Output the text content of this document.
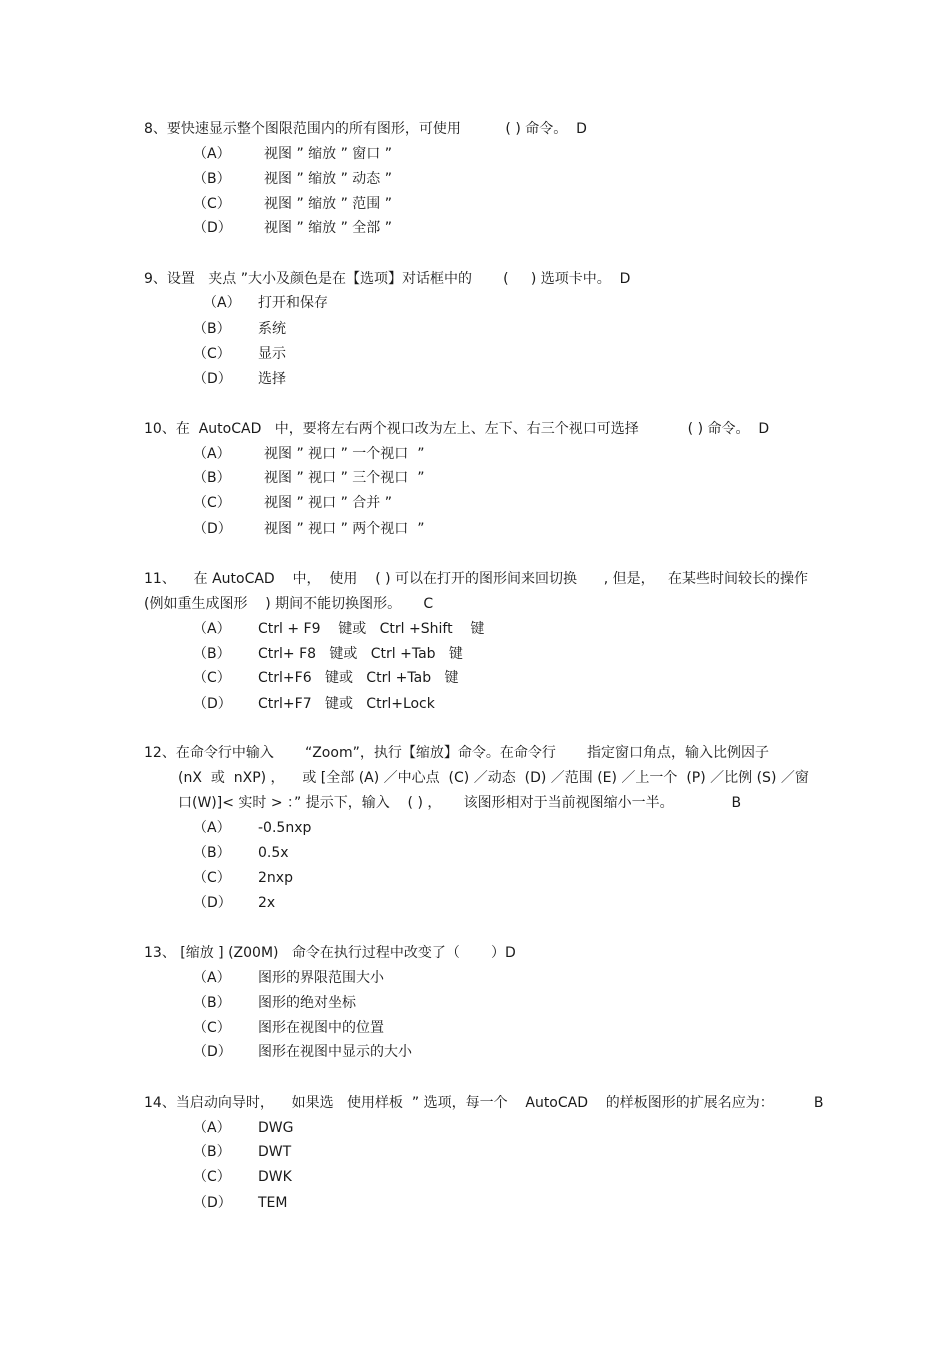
8、要快速显示整个图限范围内的所有图形，可使用          ( ) 命令。  D
（A） 视图 ” 缩放 ” 窗口 ”
（B） 视图 ” 缩放 ” 动态 ”
（C） 视图 ” 缩放 ” 范围 ”
（D） 视图 ” 缩放 ” 全部 ”
9、设置   夹点 ”大小及颜色是在【选项】对话框中的       (     ) 选项卡中。  D
（A） 打开和保存
（B） 系统
（C） 显示
（D） 选择
10、在  AutoCAD   中，要将左右两个视口改为左上、左下、右三个视口可选择           ( ) 命令。  D
（A） 视图 ” 视口 ” 一个视口  ”
（B） 视图 ” 视口 ” 三个视口  ”
（C） 视图 ” 视口 ” 合并 ”
（D） 视图 ” 视口 ” 两个视口  ”
11、    在 AutoCAD    中，  使用    ( ) 可以在打开的图形间来回切换      , 但是，   在某些时间较长的操作
(例如重生成图形    ) 期间不能切换图形。     C
（A） Ctrl + F9    键或   Ctrl +Shift    键
（B） Ctrl+ F8   键或   Ctrl +Tab   键
（C） Ctrl+F6   键或   Ctrl +Tab   键
（D） Ctrl+F7   键或   Ctrl+Lock
12、在命令行中输入       “Zoom”，执行【缩放】命令。在命令行       指定窗口角点，输入比例因子
(nX  或  nXP) ，    或 [全部 (A) ／中心点  (C) ／动态  (D) ／范围 (E) ／上一个  (P) ／比例 (S) ／窗
口(W)]< 实时 > ：” 提示下，输入    ( ) ，     该图形相对于当前视图缩小一半。             B
（A） -0.5nxp
（B） 0.5x
（C） 2nxp
（D） 2x
13、 [缩放 ] (Z00M)   命令在执行过程中改变了（       ）D
（A） 图形的界限范围大小
（B） 图形的绝对坐标
（C） 图形在视图中的位置
（D） 图形在视图中显示的大小
14、当启动向导时，    如果选   使用样板  ” 选项，每一个    AutoCAD    的样板图形的扩展名应为：         B
（A） DWG
（B） DWT
（C） DWK
（D） TEM
